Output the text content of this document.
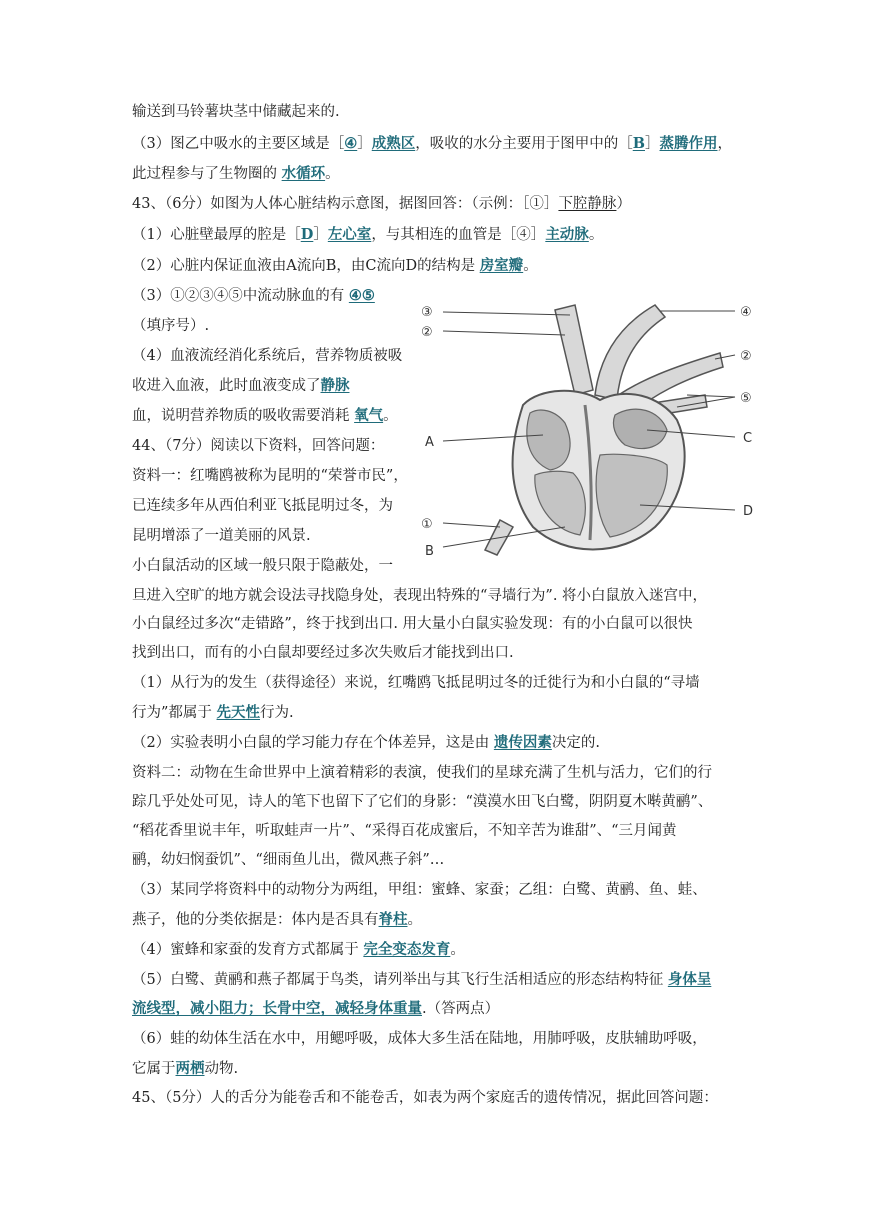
输送到马铃薯块茎中储藏起来的.
（3）图乙中吸水的主要区域是［④］成熟区，吸收的水分主要用于图甲中的［B］蒸腾作用，
此过程参与了生物圈的 水循环。
43、（6分）如图为人体心脏结构示意图，据图回答：（示例：［①］下腔静脉）
（1）心脏壁最厚的腔是［D］左心室，与其相连的血管是［④］主动脉。
（2）心脏内保证血液由A流向B，由C流向D的结构是 房室瓣。
（3）①②③④⑤中流动脉血的有 ④⑤
（填序号）.
（4）血液流经消化系统后，营养物质被吸
收进入血液，此时血液变成了静脉
血，说明营养物质的吸收需要消耗 氧气。
③
②
①
A
B
④
②
⑤
C
D
44、（7分）阅读以下资料，回答问题：
资料一：红嘴鸥被称为昆明的“荣誉市民”，
已连续多年从西伯利亚飞抵昆明过冬，为
昆明增添了一道美丽的风景.
小白鼠活动的区域一般只限于隐蔽处，一
旦进入空旷的地方就会设法寻找隐身处，表现出特殊的“寻墙行为”. 将小白鼠放入迷宫中，
小白鼠经过多次“走错路”，终于找到出口. 用大量小白鼠实验发现：有的小白鼠可以很快
找到出口，而有的小白鼠却要经过多次失败后才能找到出口.
（1）从行为的发生（获得途径）来说，红嘴鸥飞抵昆明过冬的迁徙行为和小白鼠的“寻墙
行为”都属于 先天性行为.
（2）实验表明小白鼠的学习能力存在个体差异，这是由 遗传因素决定的.
资料二：动物在生命世界中上演着精彩的表演，使我们的星球充满了生机与活力，它们的行
踪几乎处处可见，诗人的笔下也留下了它们的身影：“漠漠水田飞白鹭，阴阴夏木啭黄鹂”、
“稻花香里说丰年，听取蛙声一片”、“采得百花成蜜后，不知辛苦为谁甜”、“三月闻黄
鹂，幼妇悯蚕饥”、“细雨鱼儿出，微风燕子斜”…
（3）某同学将资料中的动物分为两组，甲组：蜜蜂、家蚕；乙组：白鹭、黄鹂、鱼、蛙、
燕子，他的分类依据是：体内是否具有脊柱。
（4）蜜蜂和家蚕的发育方式都属于 完全变态发育。
（5）白鹭、黄鹂和燕子都属于鸟类，请列举出与其飞行生活相适应的形态结构特征 身体呈
流线型，减小阻力；长骨中空，减轻身体重量.（答两点）
（6）蛙的幼体生活在水中，用鳃呼吸，成体大多生活在陆地，用肺呼吸，皮肤辅助呼吸，
它属于两栖动物.
45、（5分）人的舌分为能卷舌和不能卷舌，如表为两个家庭舌的遗传情况，据此回答问题：
